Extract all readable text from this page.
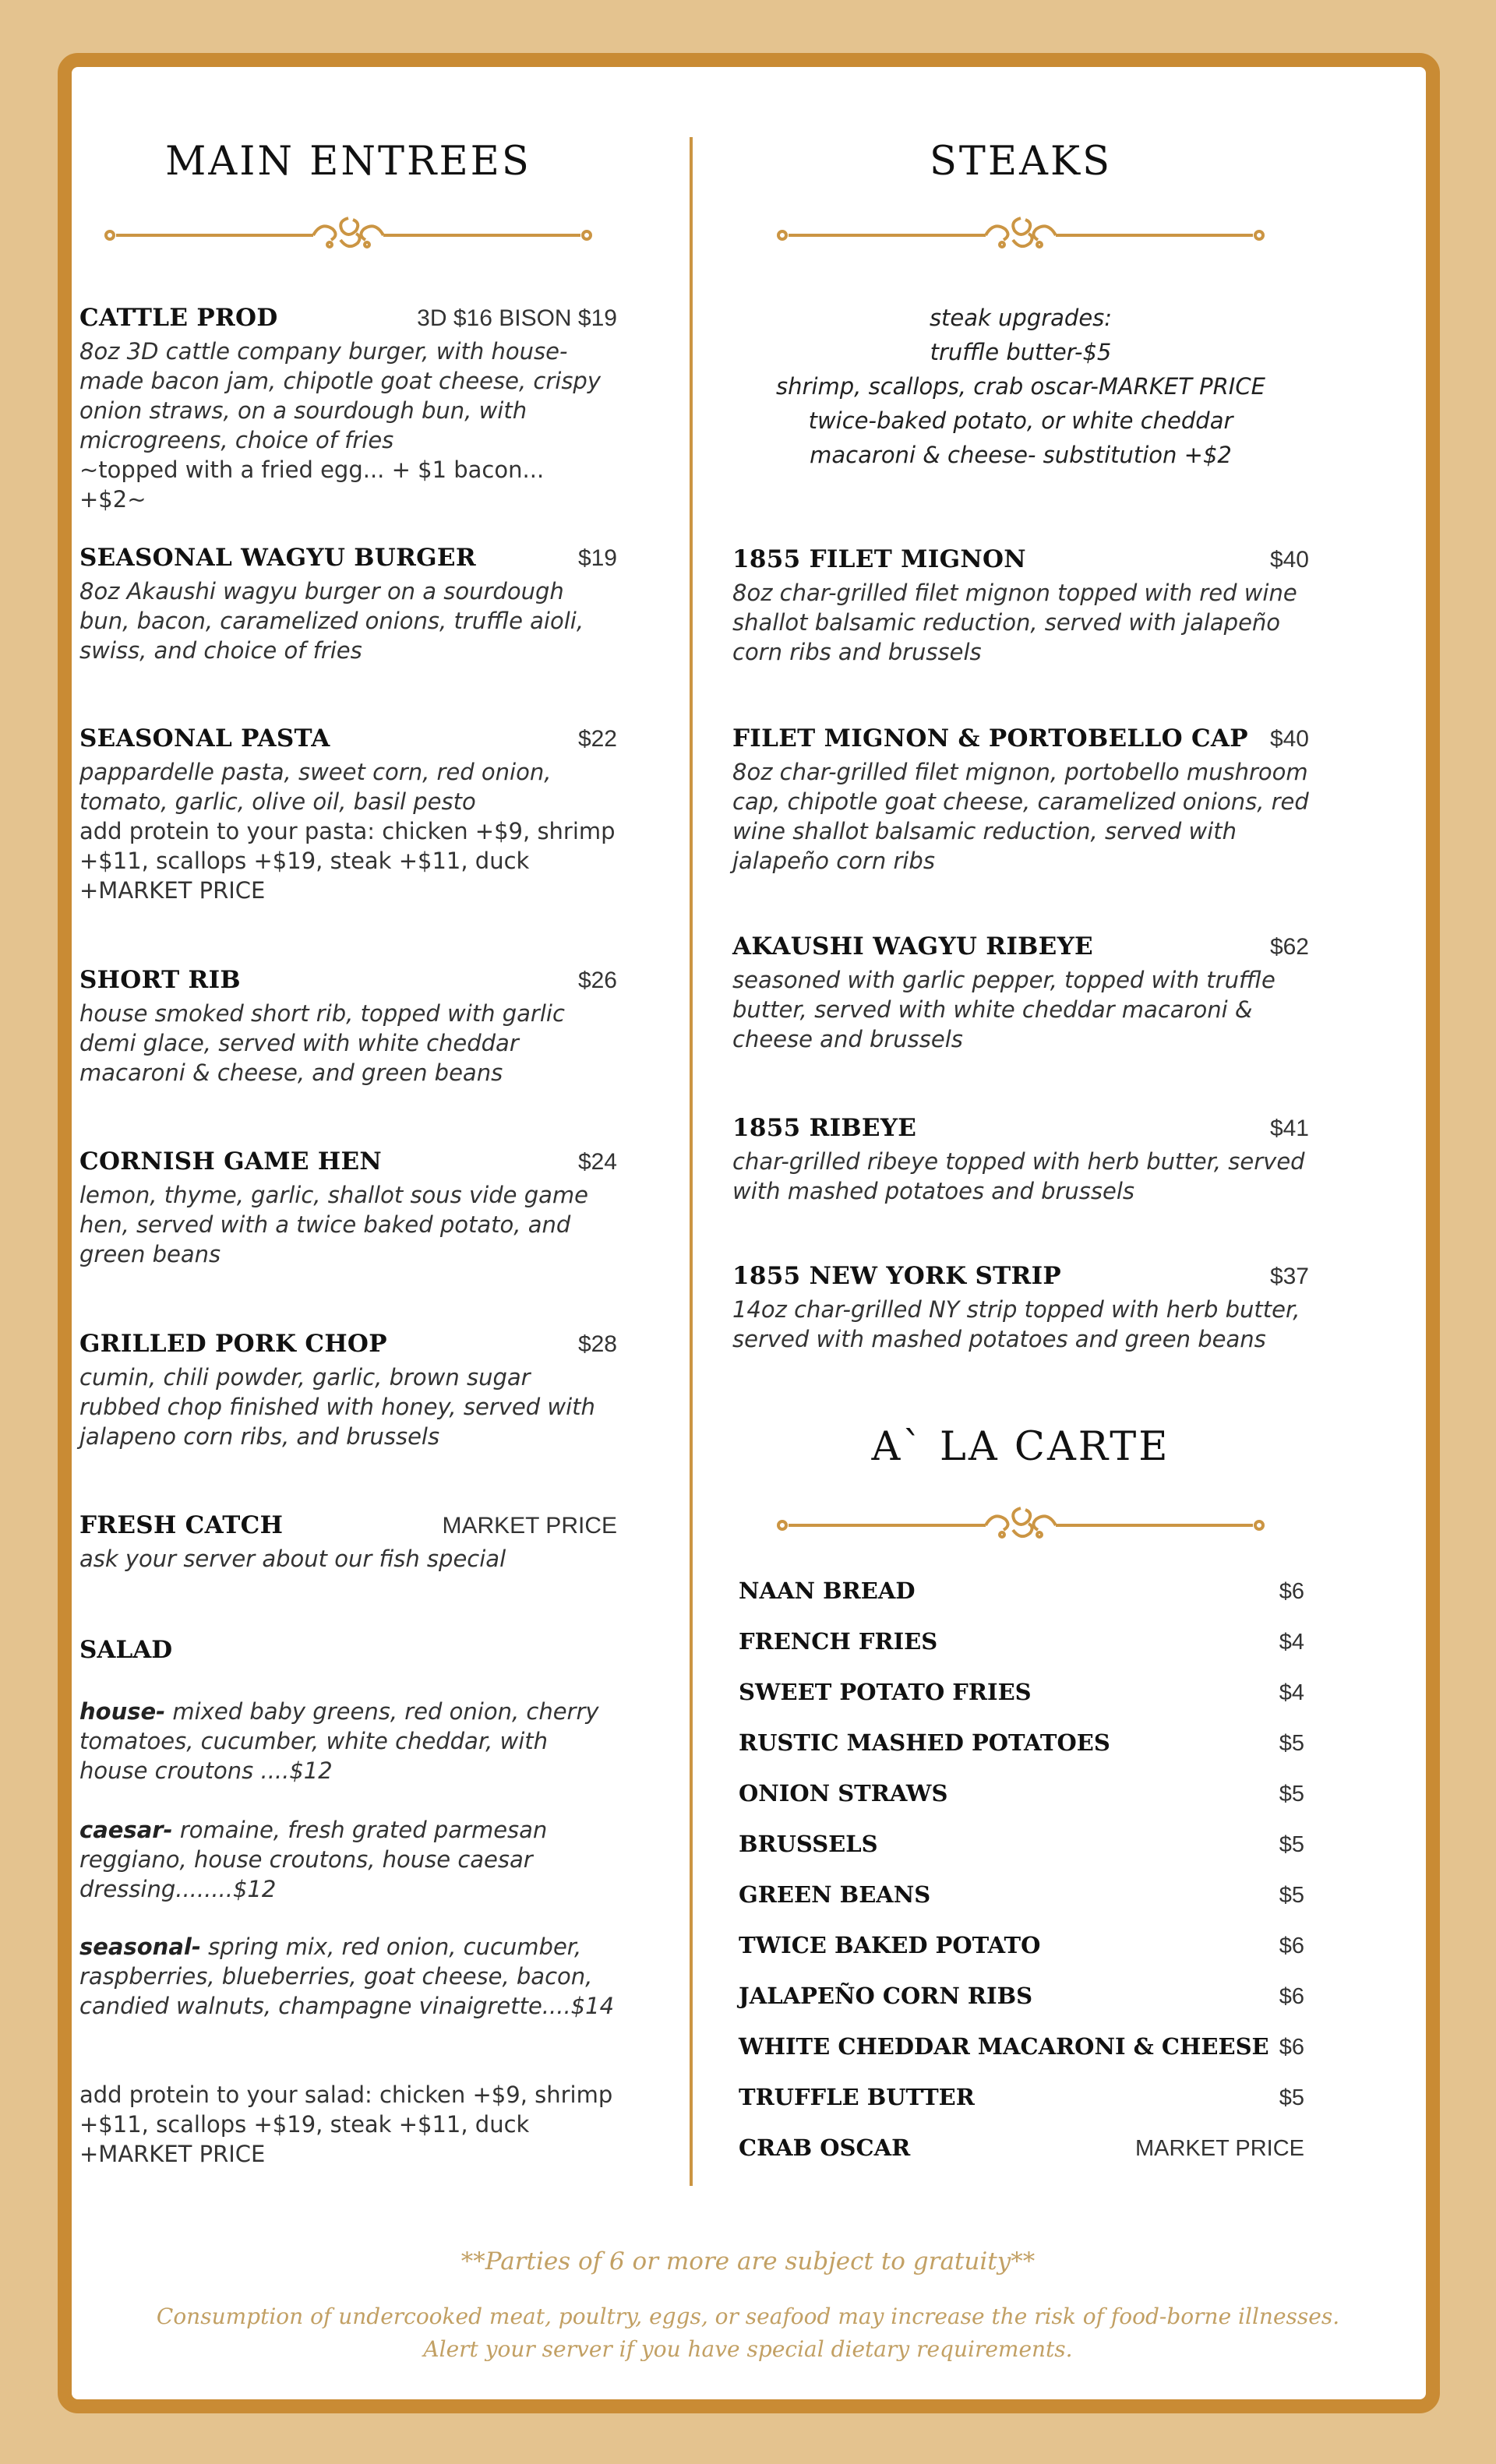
MAIN ENTREES
CATTLE PROD	3D $16 BISON $19
8oz 3D cattle company burger, with house-made bacon jam, chipotle goat cheese, crispy onion straws, on a sourdough bun, with microgreens, choice of fries
~topped with a fried egg... + $1 bacon... +$2~
SEASONAL WAGYU BURGER	$19
8oz Akaushi wagyu burger on a sourdough bun, bacon, caramelized onions, truffle aioli, swiss, and choice of fries
SEASONAL PASTA	$22
pappardelle pasta, sweet corn, red onion, tomato, garlic, olive oil, basil pesto
add protein to your pasta: chicken +$9, shrimp +$11, scallops +$19, steak +$11, duck +MARKET PRICE
SHORT RIB	$26
house smoked short rib, topped with garlic demi glace, served with white cheddar macaroni & cheese, and green beans
CORNISH GAME HEN	$24
lemon, thyme, garlic, shallot sous vide game hen, served with a twice baked potato, and green beans
GRILLED PORK CHOP	$28
cumin, chili powder, garlic, brown sugar rubbed chop finished with honey, served with jalapeno corn ribs, and brussels
FRESH CATCH	MARKET PRICE
ask your server about our fish special
SALAD
house- mixed baby greens, red onion, cherry tomatoes, cucumber, white cheddar, with house croutons ....$12
caesar- romaine, fresh grated parmesan reggiano, house croutons, house caesar dressing........$12
seasonal- spring mix, red onion, cucumber, raspberries, blueberries, goat cheese, bacon, candied walnuts, champagne vinaigrette....$14
add protein to your salad: chicken +$9, shrimp +$11, scallops +$19, steak +$11, duck +MARKET PRICE
STEAKS
steak upgrades:
truffle butter-$5
shrimp, scallops, crab oscar-MARKET PRICE
twice-baked potato, or white cheddar
macaroni & cheese- substitution +$2
1855 FILET MIGNON	$40
8oz char-grilled filet mignon topped with red wine shallot balsamic reduction, served with jalapeño corn ribs and brussels
FILET MIGNON & PORTOBELLO CAP $40
8oz char-grilled filet mignon, portobello mushroom cap, chipotle goat cheese, caramelized onions, red wine shallot balsamic reduction, served with jalapeño corn ribs
AKAUSHI WAGYU RIBEYE	$62
seasoned with garlic pepper, topped with truffle butter, served with white cheddar macaroni & cheese and brussels
1855 RIBEYE	$41
char-grilled ribeye topped with herb butter, served with mashed potatoes and brussels
1855 NEW YORK STRIP	$37
14oz char-grilled NY strip topped with herb butter, served with mashed potatoes and green beans
A` LA CARTE
NAAN BREAD	$6
FRENCH FRIES	$4
SWEET POTATO FRIES	$4
RUSTIC MASHED POTATOES	$5
ONION STRAWS	$5
BRUSSELS	$5
GREEN BEANS	$5
TWICE BAKED POTATO	$6
JALAPEÑO CORN RIBS	$6
WHITE CHEDDAR MACARONI & CHEESE $6
TRUFFLE BUTTER	$5
CRAB OSCAR	MARKET PRICE
**Parties of 6 or more are subject to gratuity**
Consumption of undercooked meat, poultry, eggs, or seafood may increase the risk of food-borne illnesses.
Alert your server if you have special dietary requirements.
